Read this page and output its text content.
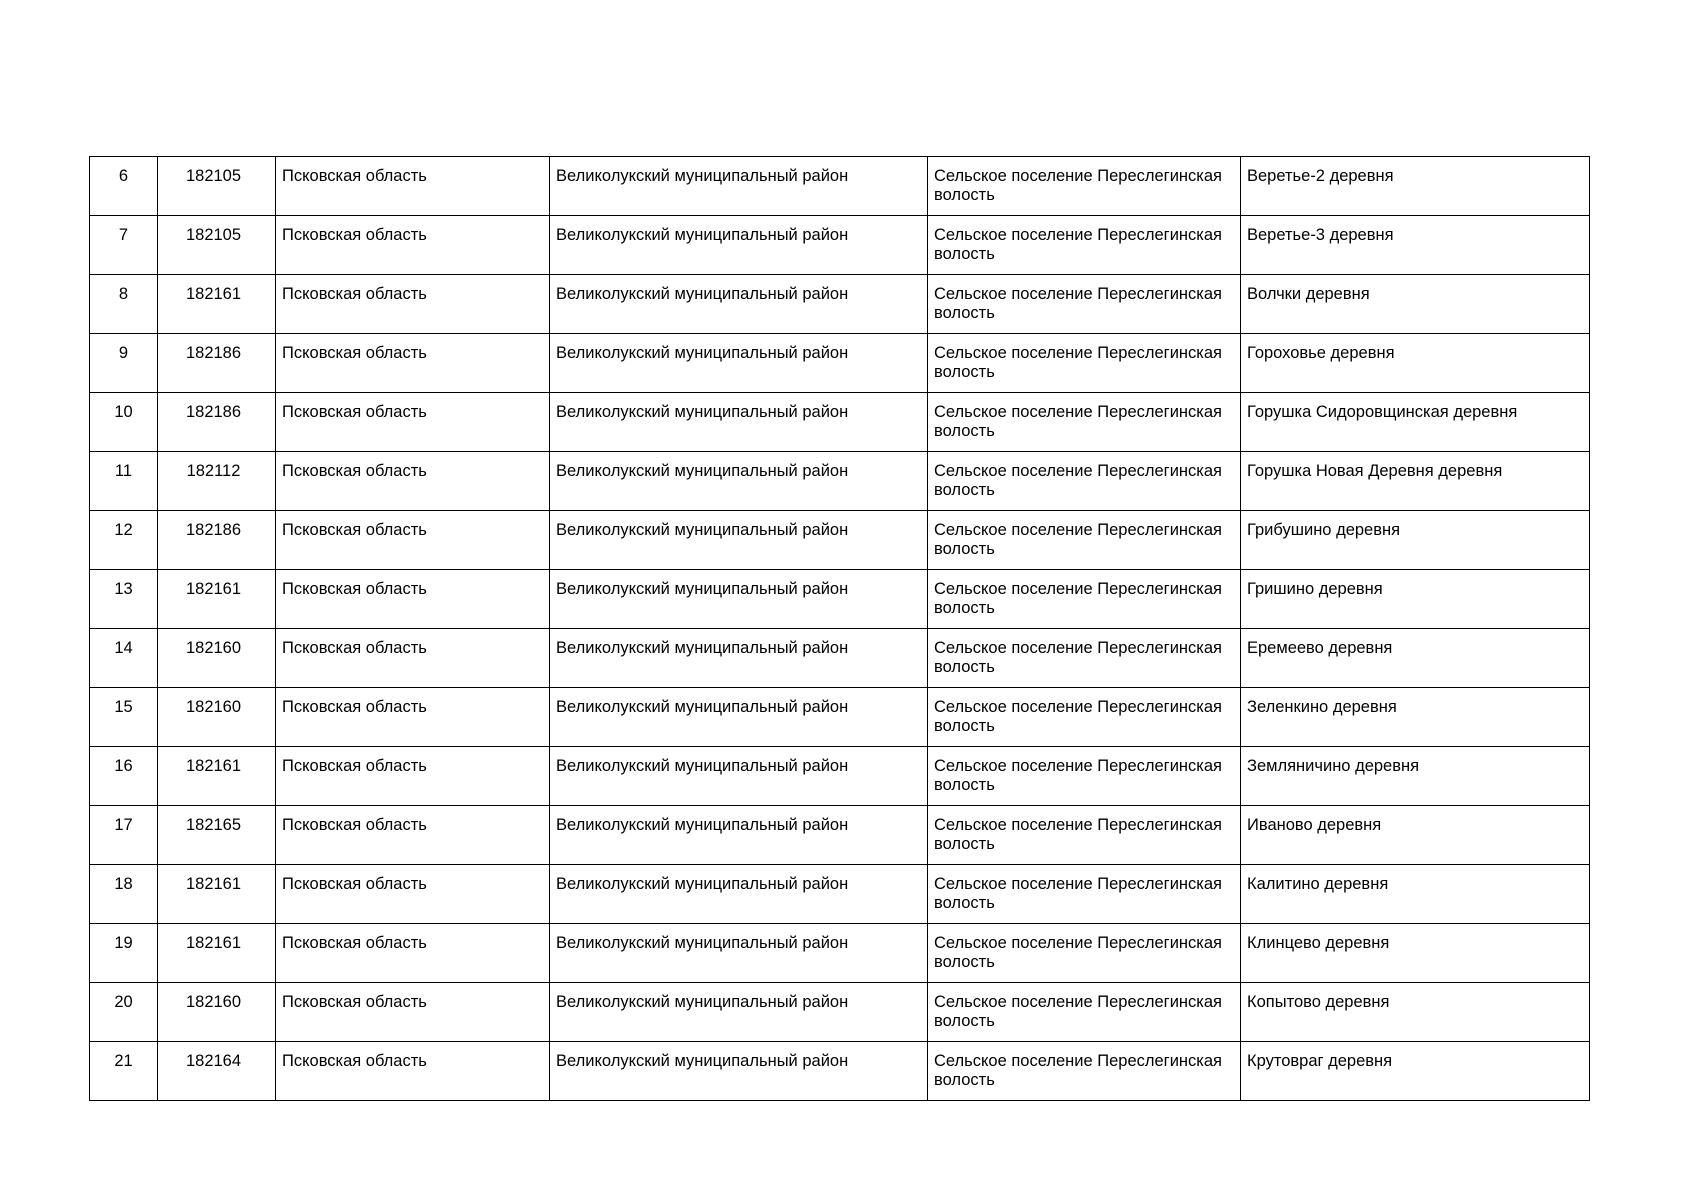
6	182105	Псковская область	Великолукский муниципальный район	Сельское поселение Переслегинская волость	Веретье-2 деревня
7	182105	Псковская область	Великолукский муниципальный район	Сельское поселение Переслегинская волость	Веретье-3 деревня
8	182161	Псковская область	Великолукский муниципальный район	Сельское поселение Переслегинская волость	Волчки деревня
9	182186	Псковская область	Великолукский муниципальный район	Сельское поселение Переслегинская волость	Гороховье деревня
10	182186	Псковская область	Великолукский муниципальный район	Сельское поселение Переслегинская волость	Горушка Сидоровщинская деревня
11	182112	Псковская область	Великолукский муниципальный район	Сельское поселение Переслегинская волость	Горушка Новая Деревня деревня
12	182186	Псковская область	Великолукский муниципальный район	Сельское поселение Переслегинская волость	Грибушино деревня
13	182161	Псковская область	Великолукский муниципальный район	Сельское поселение Переслегинская волость	Гришино деревня
14	182160	Псковская область	Великолукский муниципальный район	Сельское поселение Переслегинская волость	Еремеево деревня
15	182160	Псковская область	Великолукский муниципальный район	Сельское поселение Переслегинская волость	Зеленкино деревня
16	182161	Псковская область	Великолукский муниципальный район	Сельское поселение Переслегинская волость	Земляничино деревня
17	182165	Псковская область	Великолукский муниципальный район	Сельское поселение Переслегинская волость	Иваново деревня
18	182161	Псковская область	Великолукский муниципальный район	Сельское поселение Переслегинская волость	Калитино деревня
19	182161	Псковская область	Великолукский муниципальный район	Сельское поселение Переслегинская волость	Клинцево деревня
20	182160	Псковская область	Великолукский муниципальный район	Сельское поселение Переслегинская волость	Копытово деревня
21	182164	Псковская область	Великолукский муниципальный район	Сельское поселение Переслегинская волость	Крутовраг деревня
